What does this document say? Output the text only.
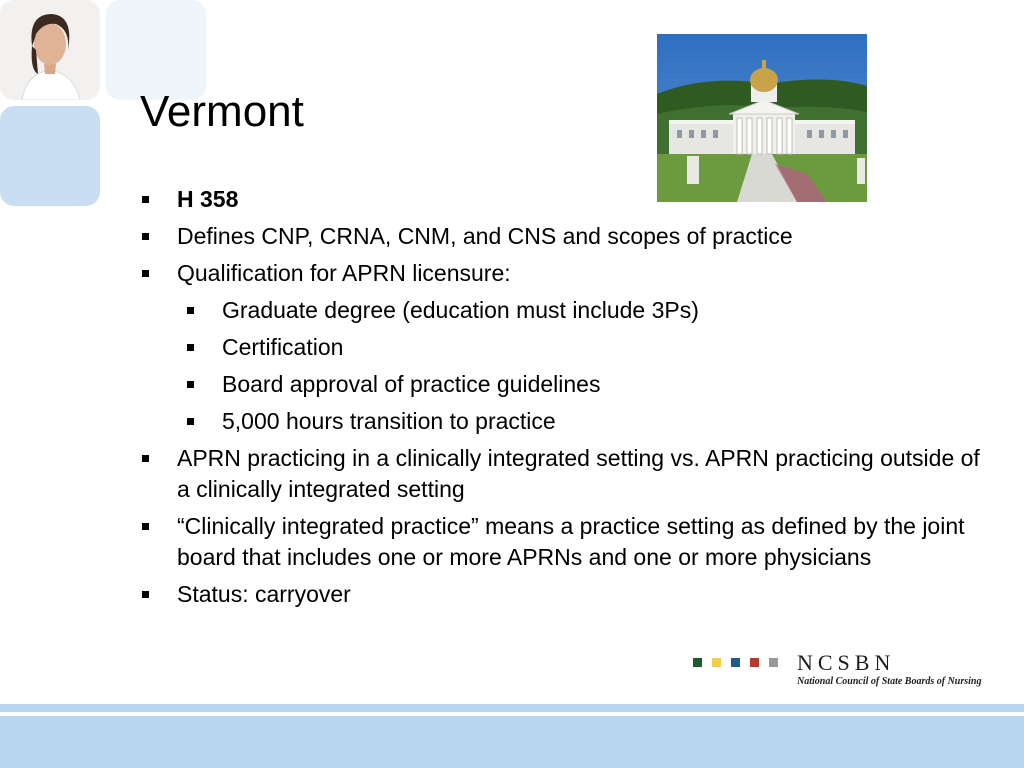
Vermont
H 358
Defines CNP, CRNA, CNM, and CNS and scopes of practice
Qualification for APRN licensure:
Graduate degree (education must include 3Ps)
Certification
Board approval of practice guidelines
5,000 hours transition to practice
APRN practicing in a clinically integrated setting vs. APRN practicing outside of a clinically integrated setting
“Clinically integrated practice” means a practice setting as defined by the joint board that includes one or more APRNs and one or more physicians
Status: carryover
NCSBN
National Council of State Boards of Nursing
